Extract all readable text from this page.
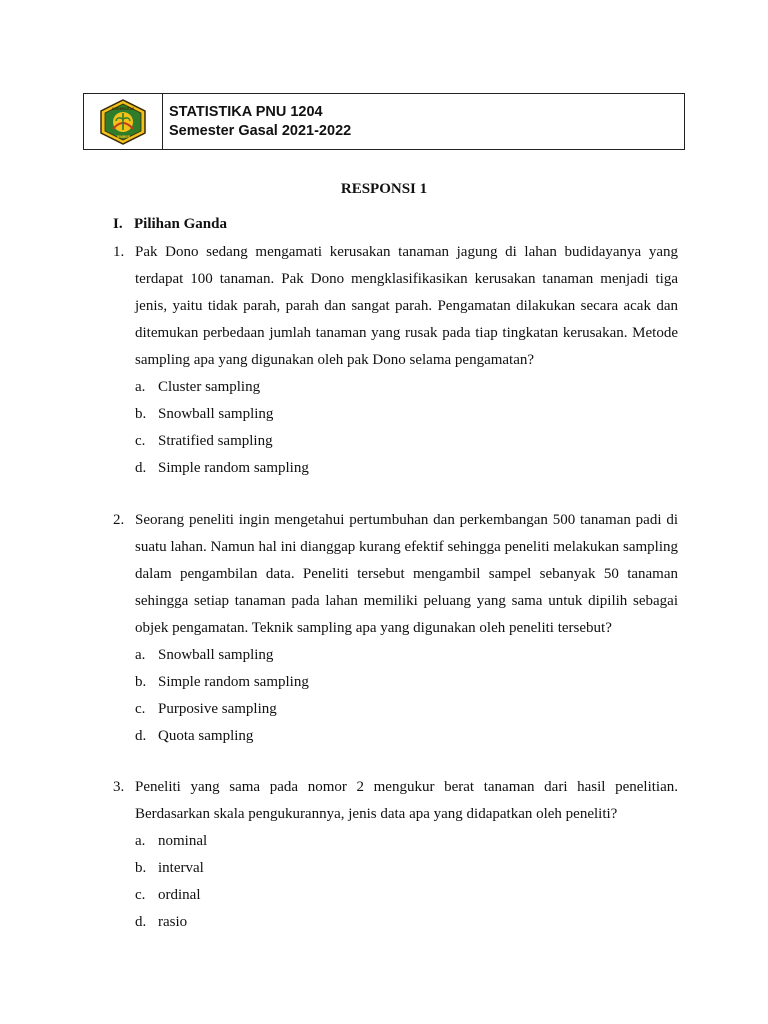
UNIVERSITAS
JEMBER
STATISTIKA PNU 1204
Semester Gasal 2021-2022
RESPONSI 1
I. Pilihan Ganda
1. Pak Dono sedang mengamati kerusakan tanaman jagung di lahan budidayanya yang terdapat 100 tanaman. Pak Dono mengklasifikasikan kerusakan tanaman menjadi tiga jenis, yaitu tidak parah, parah dan sangat parah. Pengamatan dilakukan secara acak dan ditemukan perbedaan jumlah tanaman yang rusak pada tiap tingkatan kerusakan. Metode sampling apa yang digunakan oleh pak Dono selama pengamatan?
a. Cluster sampling
b. Snowball sampling
c. Stratified sampling
d. Simple random sampling
2. Seorang peneliti ingin mengetahui pertumbuhan dan perkembangan 500 tanaman padi di suatu lahan. Namun hal ini dianggap kurang efektif sehingga peneliti melakukan sampling dalam pengambilan data. Peneliti tersebut mengambil sampel sebanyak 50 tanaman sehingga setiap tanaman pada lahan memiliki peluang yang sama untuk dipilih sebagai objek pengamatan. Teknik sampling apa yang digunakan oleh peneliti tersebut?
a. Snowball sampling
b. Simple random sampling
c. Purposive sampling
d. Quota sampling
3. Peneliti yang sama pada nomor 2 mengukur berat tanaman dari hasil penelitian. Berdasarkan skala pengukurannya, jenis data apa yang didapatkan oleh peneliti?
a. nominal
b. interval
c. ordinal
d. rasio
